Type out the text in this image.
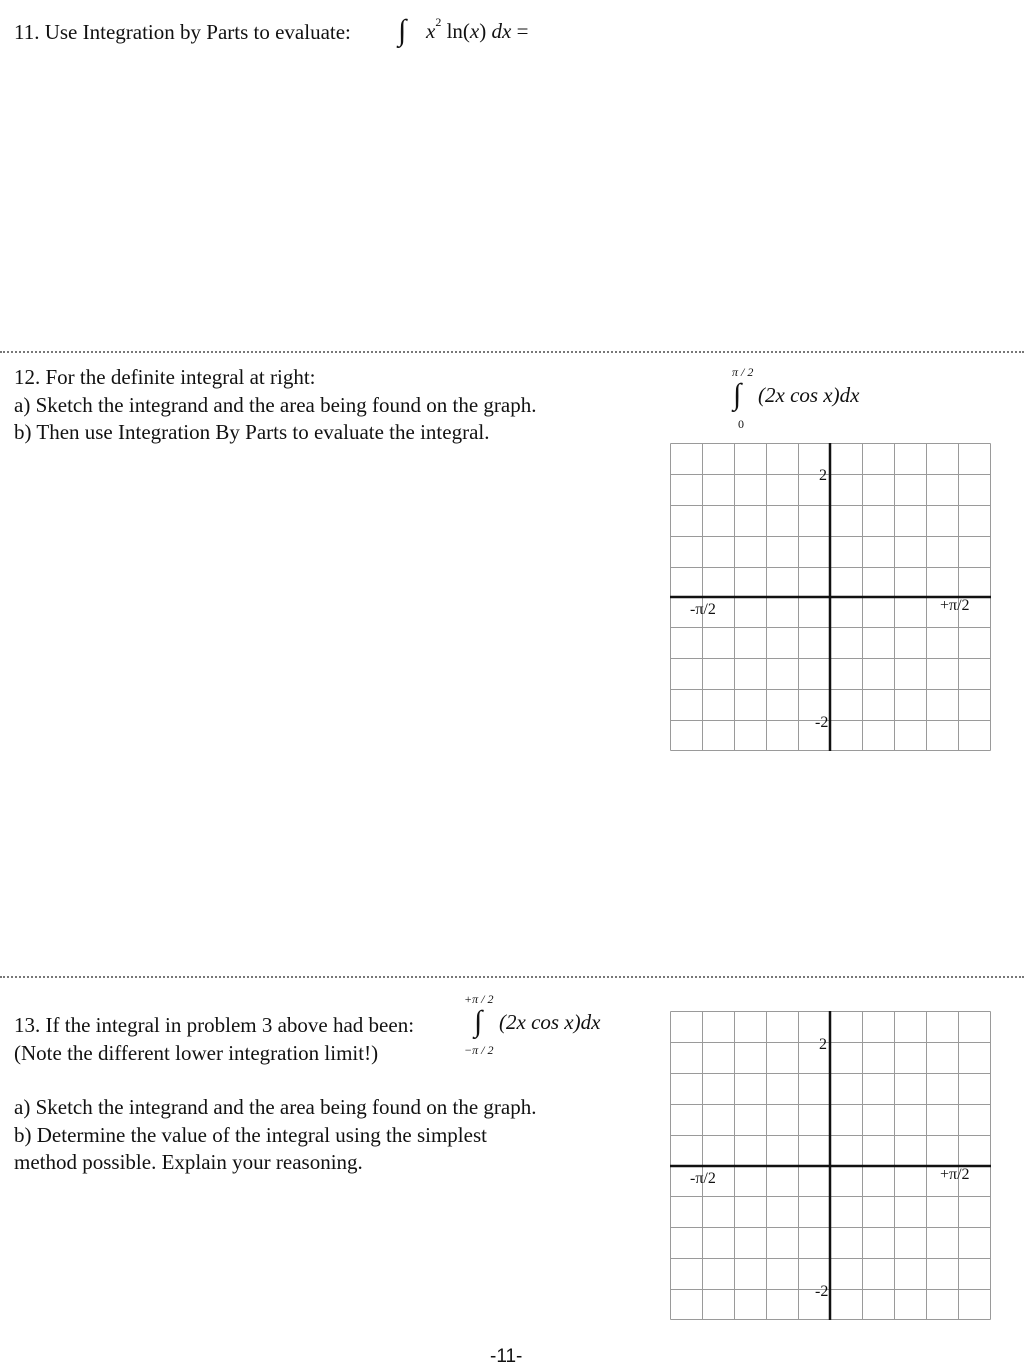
11. Use Integration by Parts to evaluate: ∫ $x^2$ ln(x) dx =
12. For the definite integral at right:
a) Sketch the integrand and the area being found on the graph.
b) Then use Integration By Parts to evaluate the integral.
π / 2
∫
0
(2x cos x)dx
2
-2
-π/2	+π/2
13. If the integral in problem 3 above had been:
(Note the different lower integration limit!)
+π / 2
∫
−π / 2
(2x cos x)dx
a) Sketch the integrand and the area being found on the graph.
b) Determine the value of the integral using the simplest
method possible. Explain your reasoning.
2
-2
-π/2	+π/2
-11-
